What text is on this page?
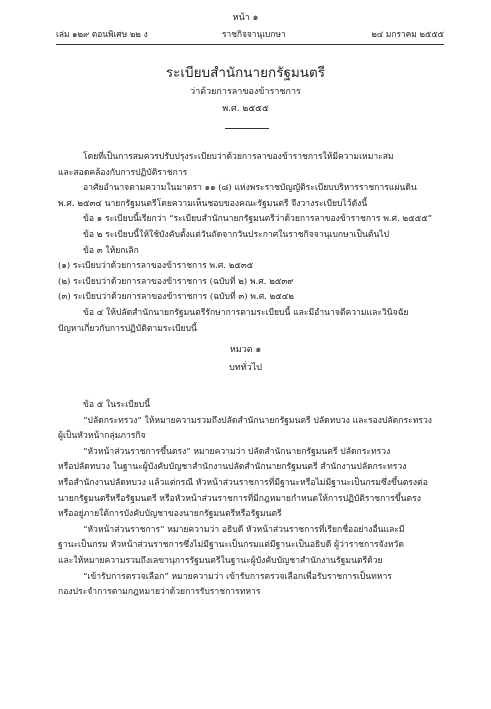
หน้า ๑
เล่ม ๑๒๙ ตอนพิเศษ ๒๒ ง	ราชกิจจานุเบกษา	๒๔ มกราคม ๒๕๕๕
ระเบียบสำนักนายกรัฐมนตรี
ว่าด้วยการลาของข้าราชการ
พ.ศ. ๒๕๕๕
โดยที่เป็นการสมควรปรับปรุงระเบียบว่าด้วยการลาของข้าราชการให้มีความเหมาะสม
และสอดคล้องกับการปฏิบัติราชการ
อาศัยอำนาจตามความในมาตรา ๑๑ (๘) แห่งพระราชบัญญัติระเบียบบริหารราชการแผ่นดิน
พ.ศ. ๒๕๓๔ นายกรัฐมนตรีโดยความเห็นชอบของคณะรัฐมนตรี จึงวางระเบียบไว้ดังนี้
ข้อ ๑ ระเบียบนี้เรียกว่า “ระเบียบสำนักนายกรัฐมนตรีว่าด้วยการลาของข้าราชการ พ.ศ. ๒๕๕๕”
ข้อ ๒ ระเบียบนี้ให้ใช้บังคับตั้งแต่วันถัดจากวันประกาศในราชกิจจานุเบกษาเป็นต้นไป
ข้อ ๓ ให้ยกเลิก
(๑) ระเบียบว่าด้วยการลาของข้าราชการ พ.ศ. ๒๕๓๕
(๒) ระเบียบว่าด้วยการลาของข้าราชการ (ฉบับที่ ๒) พ.ศ. ๒๕๓๙
(๓) ระเบียบว่าด้วยการลาของข้าราชการ (ฉบับที่ ๓) พ.ศ. ๒๕๔๒
ข้อ ๔ ให้ปลัดสำนักนายกรัฐมนตรีรักษาการตามระเบียบนี้ และมีอำนาจตีความและวินิจฉัย
ปัญหาเกี่ยวกับการปฏิบัติตามระเบียบนี้
หมวด ๑
บททั่วไป
ข้อ ๕ ในระเบียบนี้
“ปลัดกระทรวง” ให้หมายความรวมถึงปลัดสำนักนายกรัฐมนตรี ปลัดทบวง และรองปลัดกระทรวง
ผู้เป็นหัวหน้ากลุ่มภารกิจ
“หัวหน้าส่วนราชการขึ้นตรง” หมายความว่า ปลัดสำนักนายกรัฐมนตรี ปลัดกระทรวง
หรือปลัดทบวง ในฐานะผู้บังคับบัญชาสำนักงานปลัดสำนักนายกรัฐมนตรี สำนักงานปลัดกระทรวง
หรือสำนักงานปลัดทบวง แล้วแต่กรณี หัวหน้าส่วนราชการที่มีฐานะหรือไม่มีฐานะเป็นกรมซึ่งขึ้นตรงต่อ
นายกรัฐมนตรีหรือรัฐมนตรี หรือหัวหน้าส่วนราชการที่มีกฎหมายกำหนดให้การปฏิบัติราชการขึ้นตรง
หรืออยู่ภายใต้การบังคับบัญชาของนายกรัฐมนตรีหรือรัฐมนตรี
“หัวหน้าส่วนราชการ” หมายความว่า อธิบดี หัวหน้าส่วนราชการที่เรียกชื่ออย่างอื่นและมี
ฐานะเป็นกรม หัวหน้าส่วนราชการซึ่งไม่มีฐานะเป็นกรมแต่มีฐานะเป็นอธิบดี ผู้ว่าราชการจังหวัด
และให้หมายความรวมถึงเลขานุการรัฐมนตรีในฐานะผู้บังคับบัญชาสำนักงานรัฐมนตรีด้วย
“เข้ารับการตรวจเลือก” หมายความว่า เข้ารับการตรวจเลือกเพื่อรับราชการเป็นทหาร
กองประจำการตามกฎหมายว่าด้วยการรับราชการทหาร
